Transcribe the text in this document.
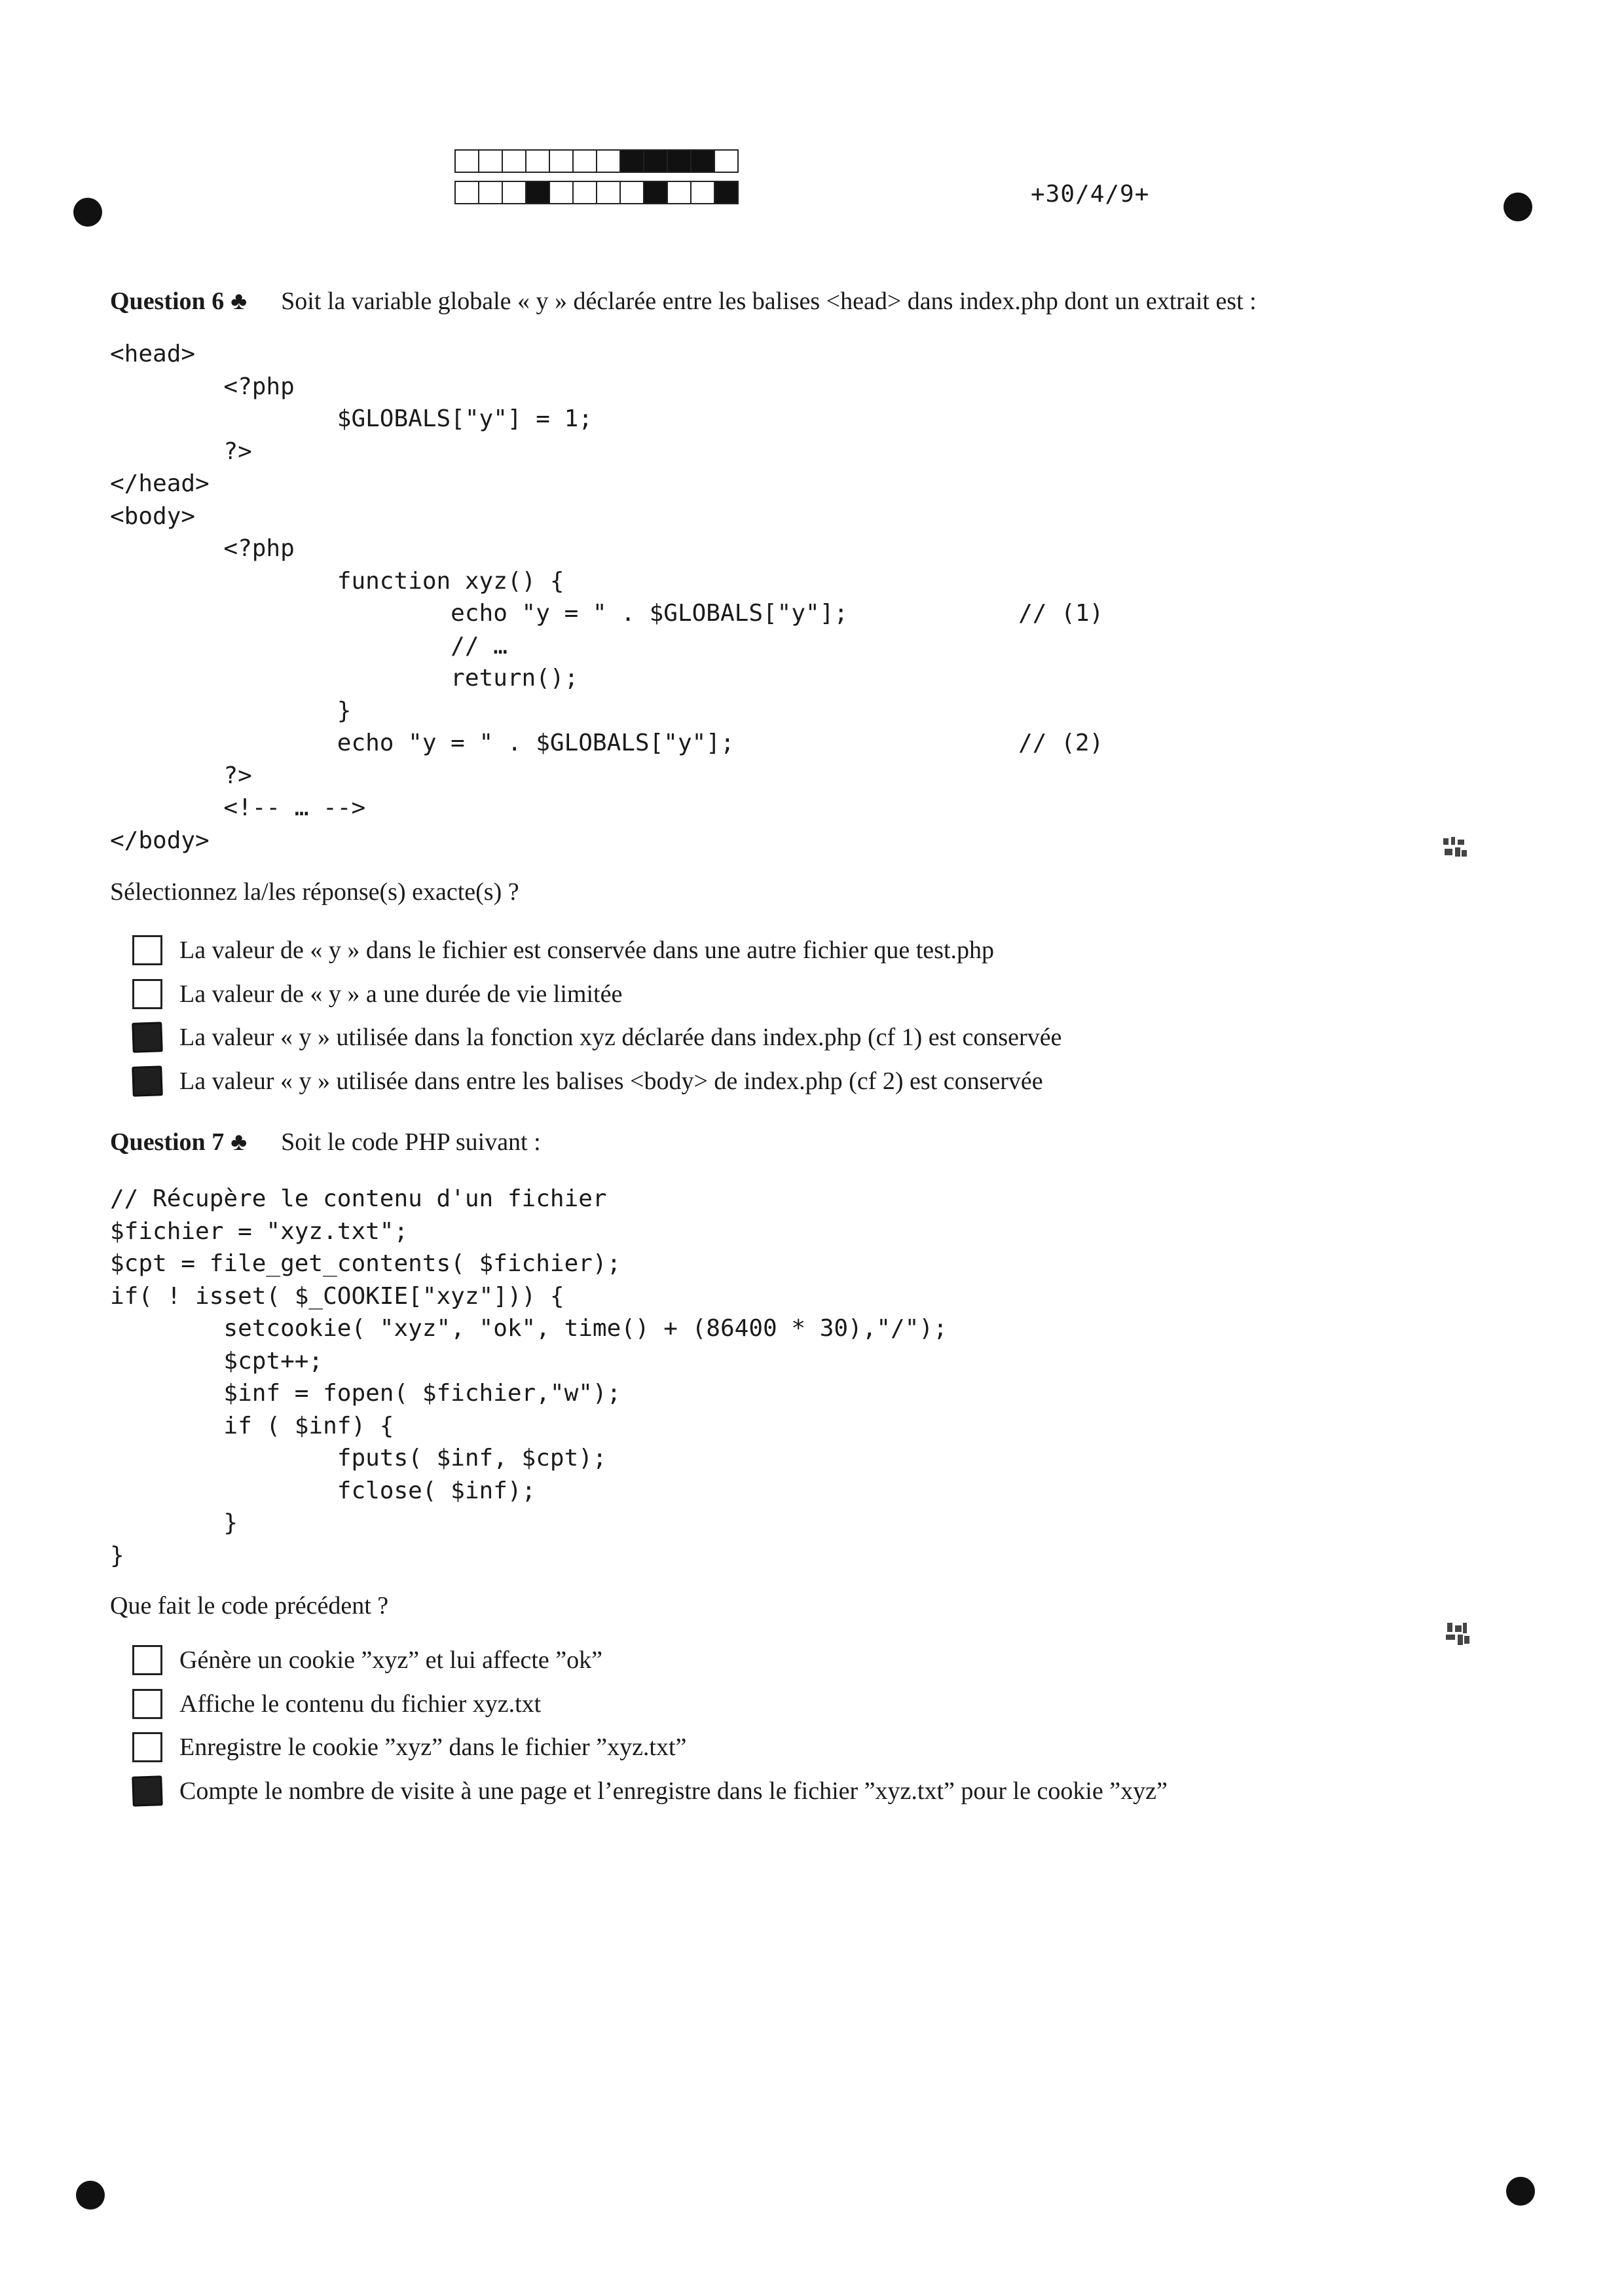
+30/4/9+
Question 6 ♣ Soit la variable globale « y » déclarée entre les balises <head> dans index.php dont un extrait est :
<head>
<?php
$GLOBALS["y"] = 1;
?>
</head>
<body>
<?php
function xyz() {
echo "y = " . $GLOBALS["y"];            // (1)
// …
return();
}
echo "y = " . $GLOBALS["y"];                    // (2)
?>
<!-- … -->
</body>
Sélectionnez la/les réponse(s) exacte(s) ?
La valeur de « y » dans le fichier est conservée dans une autre fichier que test.php
La valeur de « y » a une durée de vie limitée
La valeur « y » utilisée dans la fonction xyz déclarée dans index.php (cf 1) est conservée
La valeur « y » utilisée dans entre les balises <body> de index.php (cf 2) est conservée
Question 7 ♣ Soit le code PHP suivant :
// Récupère le contenu d'un fichier
$fichier = "xyz.txt";
$cpt = file_get_contents( $fichier);
if( ! isset( $_COOKIE["xyz"])) {
setcookie( "xyz", "ok", time() + (86400 * 30),"/");
$cpt++;
$inf = fopen( $fichier,"w");
if ( $inf) {
fputs( $inf, $cpt);
fclose( $inf);
}
}
Que fait le code précédent ?
Génère un cookie ”xyz” et lui affecte ”ok”
Affiche le contenu du fichier xyz.txt
Enregistre le cookie ”xyz” dans le fichier ”xyz.txt”
Compte le nombre de visite à une page et l’enregistre dans le fichier ”xyz.txt” pour le cookie ”xyz”
